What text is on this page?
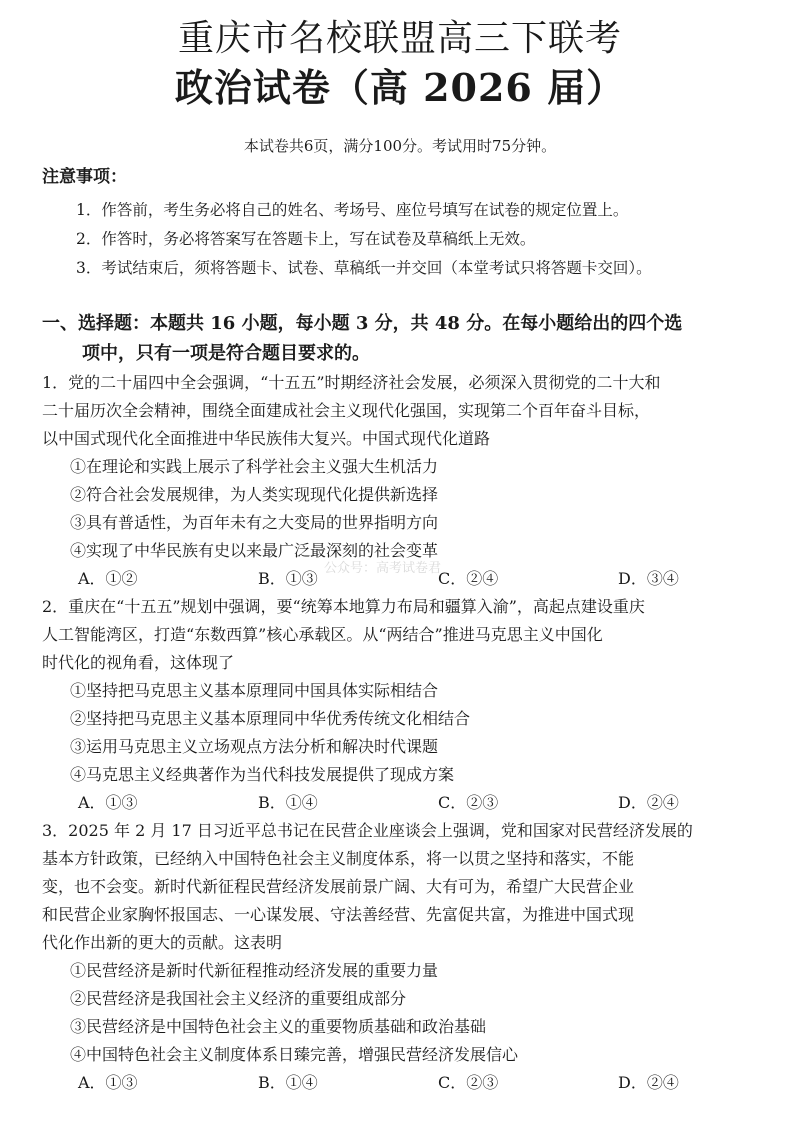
重庆市名校联盟高三下联考
政治试卷（高 2026 届）
本试卷共6页，满分100分。考试用时75分钟。
注意事项：
1．作答前，考生务必将自己的姓名、考场号、座位号填写在试卷的规定位置上。
2．作答时，务必将答案写在答题卡上，写在试卷及草稿纸上无效。
3．考试结束后，须将答题卡、试卷、草稿纸一并交回（本堂考试只将答题卡交回）。
一、选择题：本题共 16 小题，每小题 3 分，共 48 分。在每小题给出的四个选
项中，只有一项是符合题目要求的。
1．党的二十届四中全会强调，“十五五”时期经济社会发展，必须深入贯彻党的二十大和
二十届历次全会精神，围绕全面建成社会主义现代化强国，实现第二个百年奋斗目标，
以中国式现代化全面推进中华民族伟大复兴。中国式现代化道路
①在理论和实践上展示了科学社会主义强大生机活力
②符合社会发展规律，为人类实现现代化提供新选择
③具有普适性，为百年未有之大变局的世界指明方向
④实现了中华民族有史以来最广泛最深刻的社会变革
A．①②	B．①③	C．②④	D．③④
公众号：高考试卷君
2．重庆在“十五五”规划中强调，要“统筹本地算力布局和疆算入渝”，高起点建设重庆
人工智能湾区，打造“东数西算”核心承载区。从“两结合”推进马克思主义中国化
时代化的视角看，这体现了
①坚持把马克思主义基本原理同中国具体实际相结合
②坚持把马克思主义基本原理同中华优秀传统文化相结合
③运用马克思主义立场观点方法分析和解决时代课题
④马克思主义经典著作为当代科技发展提供了现成方案
A．①③	B．①④	C．②③	D．②④
3．2025 年 2 月 17 日习近平总书记在民营企业座谈会上强调，党和国家对民营经济发展的
基本方针政策，已经纳入中国特色社会主义制度体系，将一以贯之坚持和落实，不能
变，也不会变。新时代新征程民营经济发展前景广阔、大有可为，希望广大民营企业
和民营企业家胸怀报国志、一心谋发展、守法善经营、先富促共富，为推进中国式现
代化作出新的更大的贡献。这表明
①民营经济是新时代新征程推动经济发展的重要力量
②民营经济是我国社会主义经济的重要组成部分
③民营经济是中国特色社会主义的重要物质基础和政治基础
④中国特色社会主义制度体系日臻完善，增强民营经济发展信心
A．①③	B．①④	C．②③	D．②④
